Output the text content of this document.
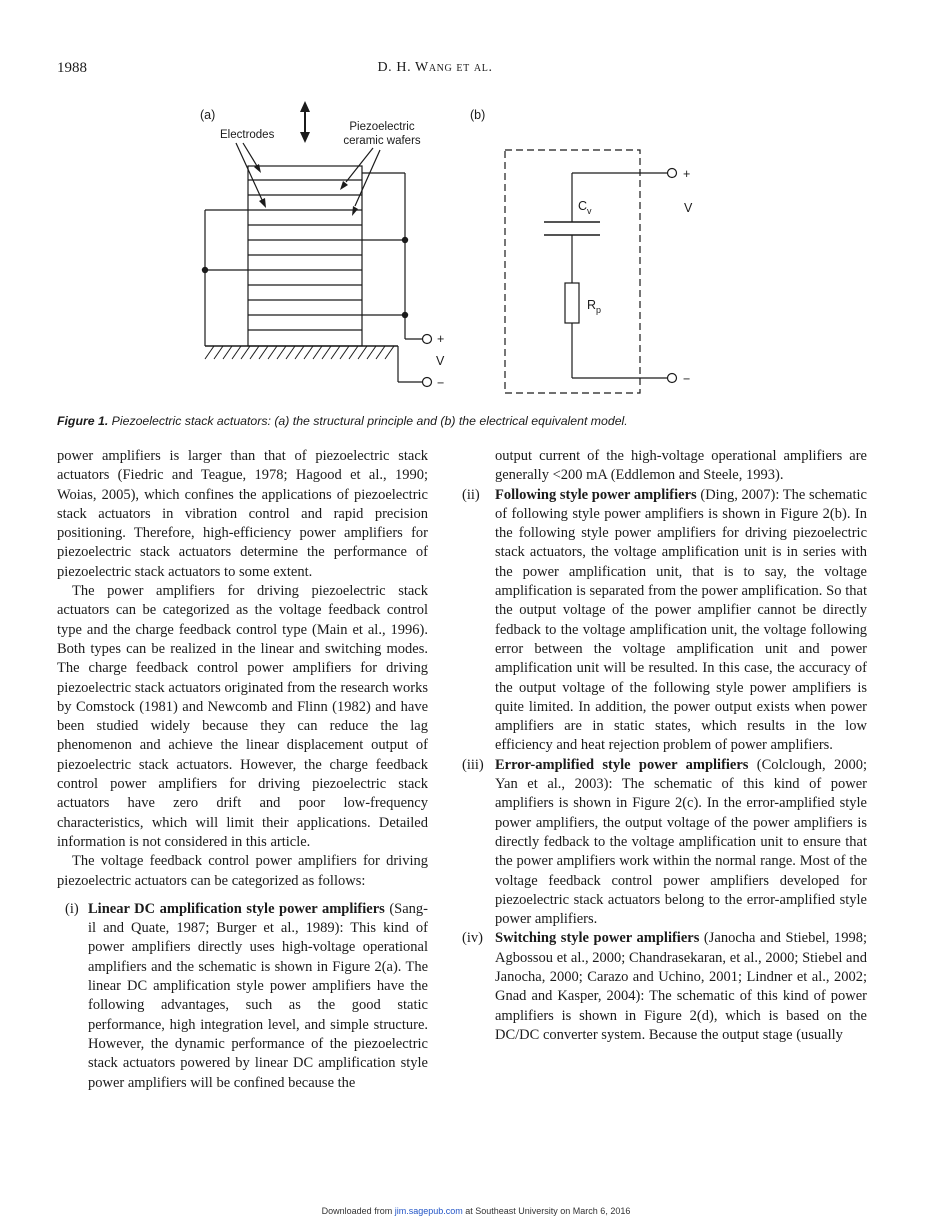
1988	D. H. Wang et al.
(a)
Electrodes
Piezoelectric
ceramic wafers
+
V
−
(b)
C v
R p
+
V
−
Figure 1. Piezoelectric stack actuators: (a) the structural principle and (b) the electrical equivalent model.
power amplifiers is larger than that of piezoelectric stack actuators (Fiedric and Teague, 1978; Hagood et al., 1990; Woias, 2005), which confines the applications of piezoelectric stack actuators in vibration control and rapid precision positioning. Therefore, high-efficiency power amplifiers for piezoelectric stack actuators determine the performance of piezoelectric stack actuators to some extent.
The power amplifiers for driving piezoelectric stack actuators can be categorized as the voltage feedback control type and the charge feedback control type (Main et al., 1996). Both types can be realized in the linear and switching modes. The charge feedback control power amplifiers for driving piezoelectric stack actuators originated from the research works by Comstock (1981) and Newcomb and Flinn (1982) and have been studied widely because they can reduce the lag phenomenon and achieve the linear displacement output of piezoelectric stack actuators. However, the charge feedback control power amplifiers for driving piezoelectric stack actuators have zero drift and poor low-frequency characteristics, which will limit their applications. Detailed information is not considered in this article.
The voltage feedback control power amplifiers for driving piezoelectric actuators can be categorized as follows:
(i) Linear DC amplification style power amplifiers (Sang-il and Quate, 1987; Burger et al., 1989): This kind of power amplifiers directly uses high-voltage operational amplifiers and the schematic is shown in Figure 2(a). The linear DC amplification style power amplifiers have the following advantages, such as the good static performance, high integration level, and simple structure. However, the dynamic performance of the piezoelectric stack actuators powered by linear DC amplification style power amplifiers will be confined because the
output current of the high-voltage operational amplifiers are generally <200 mA (Eddlemon and Steele, 1993).
(ii) Following style power amplifiers (Ding, 2007): The schematic of following style power amplifiers is shown in Figure 2(b). In the following style power amplifiers for driving piezoelectric stack actuators, the voltage amplification unit is in series with the power amplification unit, that is to say, the voltage amplification is separated from the power amplification. So that the output voltage of the power amplifier cannot be directly fedback to the voltage amplification unit, the voltage following error between the voltage amplification unit and power amplification unit will be resulted. In this case, the accuracy of the output voltage of the following style power amplifiers is quite limited. In addition, the power output exists when power amplifiers are in static states, which results in the low efficiency and heat rejection problem of power amplifiers.
(iii) Error-amplified style power amplifiers (Colclough, 2000; Yan et al., 2003): The schematic of this kind of power amplifiers is shown in Figure 2(c). In the error-amplified style power amplifiers, the output voltage of the power amplifiers is directly fedback to the voltage amplification unit to ensure that the power amplifiers work within the normal range. Most of the voltage feedback control power amplifiers developed for piezoelectric stack actuators belong to the error-amplified style power amplifiers.
(iv) Switching style power amplifiers (Janocha and Stiebel, 1998; Agbossou et al., 2000; Chandrasekaran, et al., 2000; Stiebel and Janocha, 2000; Carazo and Uchino, 2001; Lindner et al., 2002; Gnad and Kasper, 2004): The schematic of this kind of power amplifiers is shown in Figure 2(d), which is based on the DC/DC converter system. Because the output stage (usually
Downloaded from jim.sagepub.com at Southeast University on March 6, 2016
